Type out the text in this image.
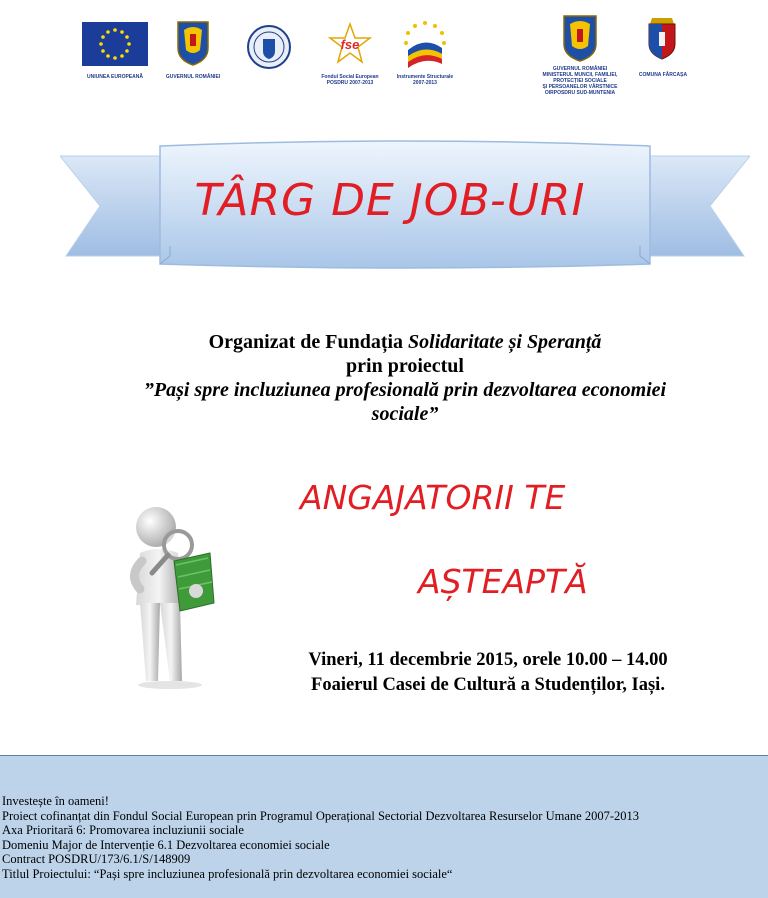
UNIUNEA EUROPEANĂ	GUVERNUL ROMÂNIEI
fse
Fondul Social European
POSDRU 2007-2013
Instrumente Structurale
2007-2013
GUVERNUL ROMÂNIEI
MINISTERUL MUNCII, FAMILIEI,
PROTECȚIEI SOCIALE
ȘI PERSOANELOR VÂRSTNICE
OIRPOSDRU SUD-MUNTENIA
COMUNA FÂRCAȘA
TÂRG DE JOB-URI
Organizat de Fundația Solidaritate și Speranță
prin proiectul
”Pași spre incluziunea profesională prin dezvoltarea economiei
sociale”
ANGAJATORII TE
AȘTEAPTĂ
Vineri, 11 decembrie 2015, orele 10.00 – 14.00
Foaierul Casei de Cultură a Studenților, Iași.
Investește în oameni!
Proiect cofinanțat din Fondul Social European prin Programul Operațional Sectorial Dezvoltarea Resurselor Umane 2007-2013
Axa Prioritară 6: Promovarea incluziunii sociale
Domeniu Major de Intervenție 6.1 Dezvoltarea economiei sociale
Contract POSDRU/173/6.1/S/148909
Titlul Proiectului: “Pași spre incluziunea profesională prin dezvoltarea economiei sociale“
